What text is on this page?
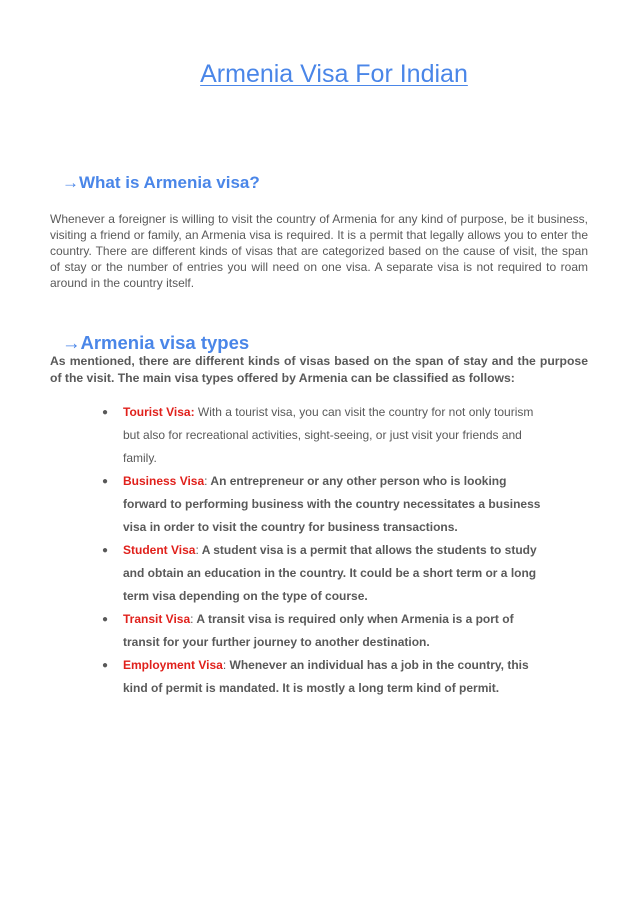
Armenia Visa For Indian
→What is Armenia visa?

Whenever a foreigner is willing to visit the country of Armenia for any kind of purpose, be it business, visiting a friend or family, an Armenia visa is required. It is a permit that legally allows you to enter the country. There are different kinds of visas that are categorized based on the cause of visit, the span of stay or the number of entries you will need on one visa. A separate visa is not required to roam around in the country itself.

→Armenia visa types

As mentioned, there are different kinds of visas based on the span of stay and the purpose of the visit. The main visa types offered by Armenia can be classified as follows:

● Tourist Visa: With a tourist visa, you can visit the country for not only tourism but also for recreational activities, sight-seeing, or just visit your friends and family.
● Business Visa: An entrepreneur or any other person who is looking forward to performing business with the country necessitates a business visa in order to visit the country for business transactions.
● Student Visa: A student visa is a permit that allows the students to study and obtain an education in the country. It could be a short term or a long term visa depending on the type of course.
● Transit Visa: A transit visa is required only when Armenia is a port of transit for your further journey to another destination.
● Employment Visa: Whenever an individual has a job in the country, this kind of permit is mandated. It is mostly a long term kind of permit.
